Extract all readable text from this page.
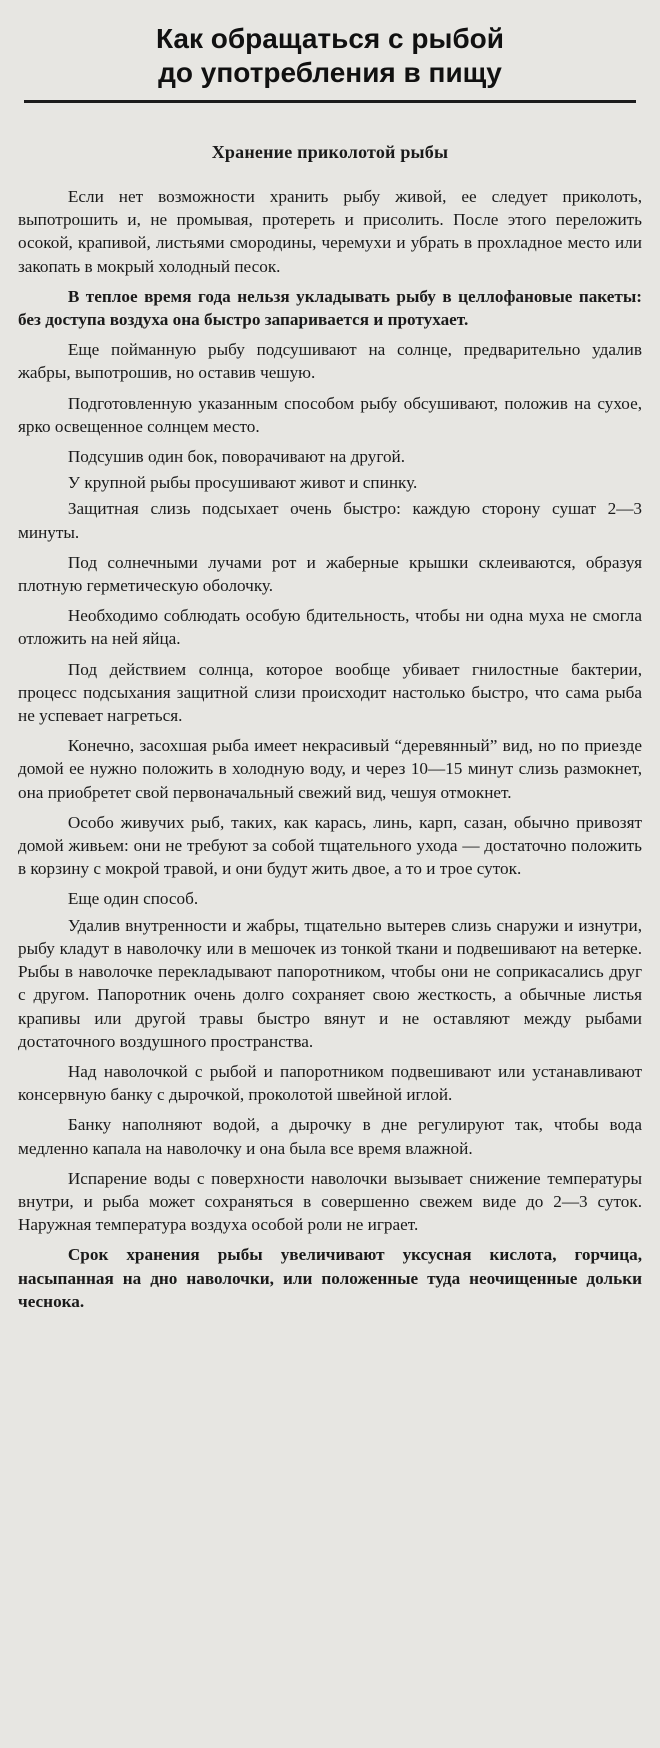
Как обращаться с рыбой
до употребления в пищу
Хранение приколотой рыбы

Если нет возможности хранить рыбу живой, ее следует приколоть, выпотрошить и, не промывая, протереть и присолить. После этого переложить осокой, крапивой, листьями смородины, черемухи и убрать в прохладное место или закопать в мокрый холодный песок.

В теплое время года нельзя укладывать рыбу в целлофановые пакеты: без доступа воздуха она быстро запаривается и протухает.

Еще пойманную рыбу подсушивают на солнце, предварительно удалив жабры, выпотрошив, но оставив чешую.

Подготовленную указанным способом рыбу обсушивают, положив на сухое, ярко освещенное солнцем место.

Подсушив один бок, поворачивают на другой.

У крупной рыбы просушивают живот и спинку.

Защитная слизь подсыхает очень быстро: каждую сторону сушат 2—3 минуты.

Под солнечными лучами рот и жаберные крышки склеиваются, образуя плотную герметическую оболочку.

Необходимо соблюдать особую бдительность, чтобы ни одна муха не смогла отложить на ней яйца.

Под действием солнца, которое вообще убивает гнилостные бактерии, процесс подсыхания защитной слизи происходит настолько быстро, что сама рыба не успевает нагреться.

Конечно, засохшая рыба имеет некрасивый “деревянный” вид, но по приезде домой ее нужно положить в холодную воду, и через 10—15 минут слизь размокнет, она приобретет свой первоначальный свежий вид, чешуя отмокнет.

Особо живучих рыб, таких, как карась, линь, карп, сазан, обычно привозят домой живьем: они не требуют за собой тщательного ухода — достаточно положить в корзину с мокрой травой, и они будут жить двое, а то и трое суток.

Еще один способ.

Удалив внутренности и жабры, тщательно вытерев слизь снаружи и изнутри, рыбу кладут в наволочку или в мешочек из тонкой ткани и подвешивают на ветерке. Рыбы в наволочке перекладывают папоротником, чтобы они не соприкасались друг с другом. Папоротник очень долго сохраняет свою жесткость, а обычные листья крапивы или другой травы быстро вянут и не оставляют между рыбами достаточного воздушного пространства.

Над наволочкой с рыбой и папоротником подвешивают или устанавливают консервную банку с дырочкой, проколотой швейной иглой.

Банку наполняют водой, а дырочку в дне регулируют так, чтобы вода медленно капала на наволочку и она была все время влажной.

Испарение воды с поверхности наволочки вызывает снижение температуры внутри, и рыба может сохраняться в совершенно свежем виде до 2—3 суток. Наружная температура воздуха особой роли не играет.

Срок хранения рыбы увеличивают уксусная кислота, горчица, насыпанная на дно наволочки, или положенные туда неочищенные дольки чеснока.
